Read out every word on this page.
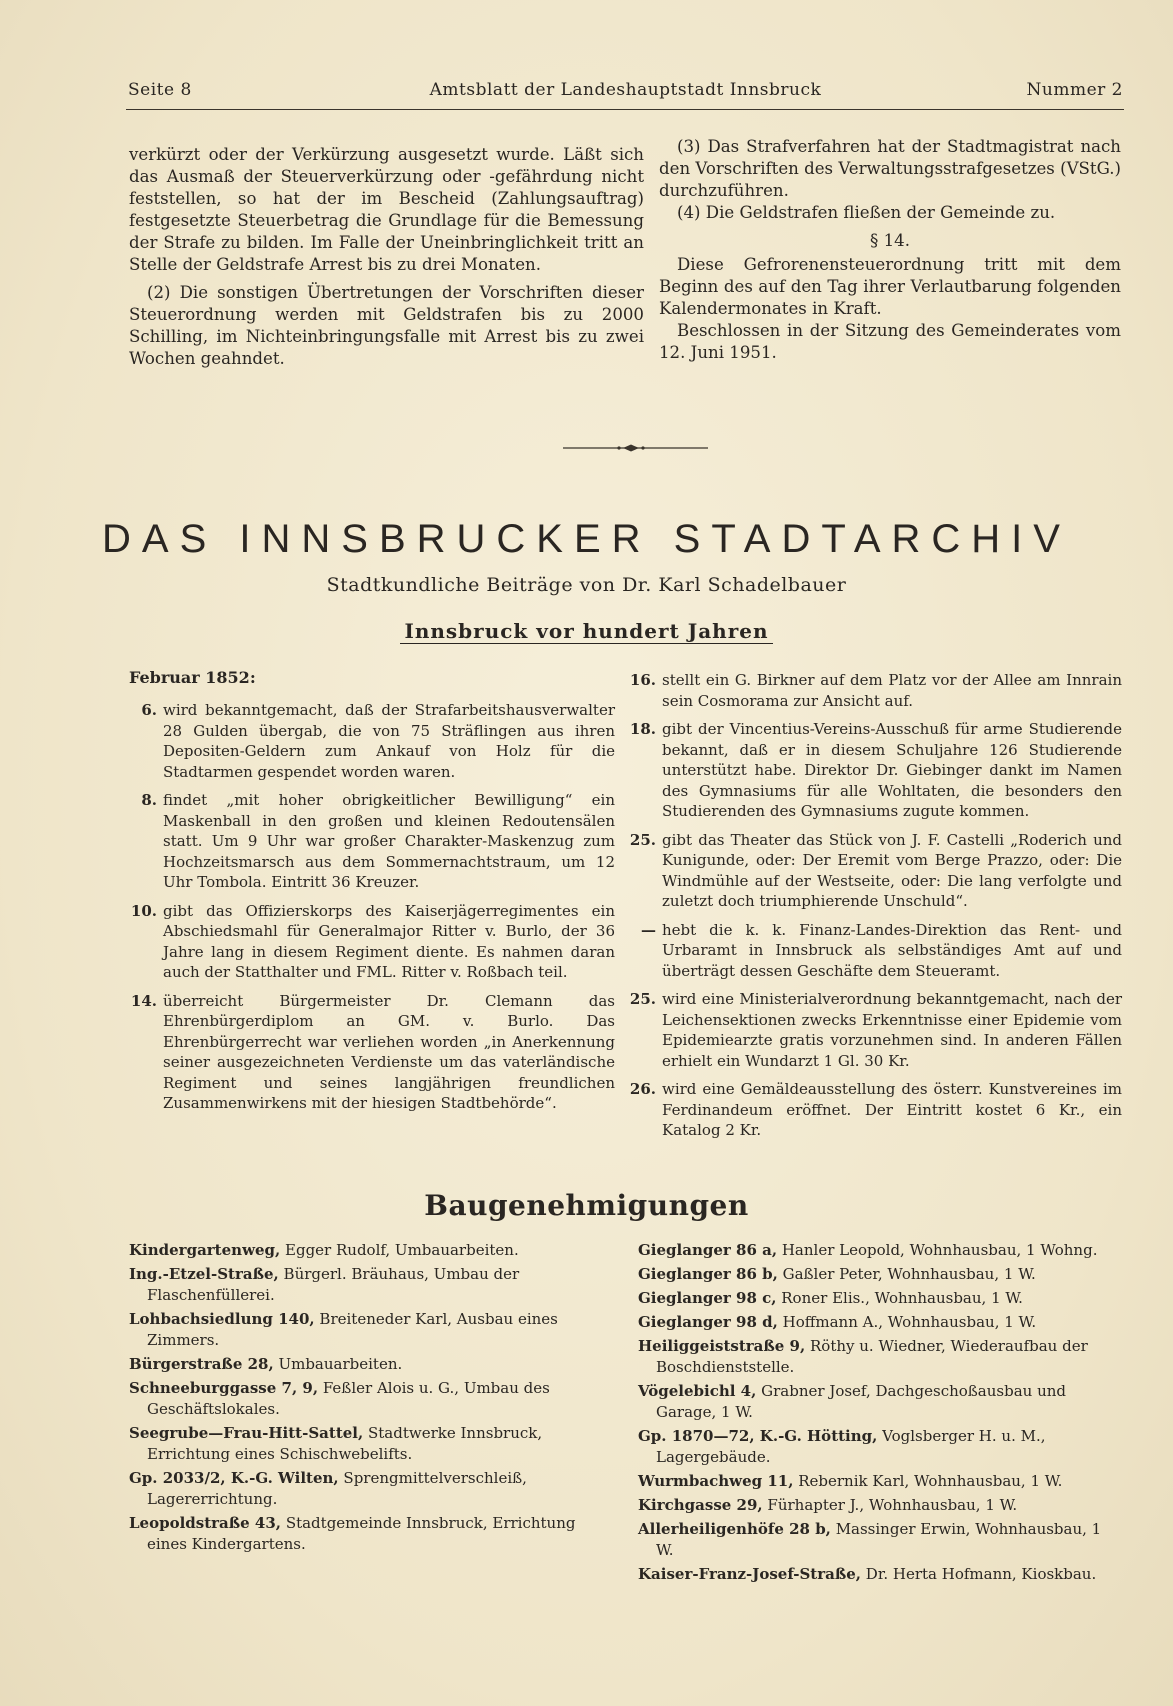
Seite 8	Amtsblatt der Landeshauptstadt Innsbruck	Nummer 2

verkürzt oder der Verkürzung ausgesetzt wurde. Läßt sich das Ausmaß der Steuerverkürzung oder -gefährdung nicht feststellen, so hat der im Bescheid (Zahlungsauftrag) festgesetzte Steuerbetrag die Grundlage für die Bemessung der Strafe zu bilden. Im Falle der Uneinbringlichkeit tritt an Stelle der Geldstrafe Arrest bis zu drei Monaten.

(2) Die sonstigen Übertretungen der Vorschriften dieser Steuerordnung werden mit Geldstrafen bis zu 2000 Schilling, im Nichteinbringungsfalle mit Arrest bis zu zwei Wochen geahndet.

(3) Das Strafverfahren hat der Stadtmagistrat nach den Vorschriften des Verwaltungsstrafgesetzes (VStG.) durchzuführen.

(4) Die Geldstrafen fließen der Gemeinde zu.

§ 14.

Diese Gefrorenensteuerordnung tritt mit dem Beginn des auf den Tag ihrer Verlautbarung folgenden Kalendermonates in Kraft.

Beschlossen in der Sitzung des Gemeinderates vom 12. Juni 1951.

DAS INNSBRUCKER STADTARCHIV
Stadtkundliche Beiträge von Dr. Karl Schadelbauer
Innsbruck vor hundert Jahren
Februar 1852:
6. wird bekanntgemacht, daß der Strafarbeitshausverwalter 28 Gulden übergab, die von 75 Sträflingen aus ihren Depositen-Geldern zum Ankauf von Holz für die Stadtarmen gespendet worden waren.
8. findet „mit hoher obrigkeitlicher Bewilligung“ ein Maskenball in den großen und kleinen Redoutensälen statt. Um 9 Uhr war großer Charakter-Maskenzug zum Hochzeitsmarsch aus dem Sommernachtstraum, um 12 Uhr Tombola. Eintritt 36 Kreuzer.
10. gibt das Offizierskorps des Kaiserjägerregimentes ein Abschiedsmahl für Generalmajor Ritter v. Burlo, der 36 Jahre lang in diesem Regiment diente. Es nahmen daran auch der Statthalter und FML. Ritter v. Roßbach teil.
14. überreicht Bürgermeister Dr. Clemann das Ehrenbürgerdiplom an GM. v. Burlo. Das Ehrenbürgerrecht war verliehen worden „in Anerkennung seiner ausgezeichneten Verdienste um das vaterländische Regiment und seines langjährigen freundlichen Zusammenwirkens mit der hiesigen Stadtbehörde“.
16. stellt ein G. Birkner auf dem Platz vor der Allee am Innrain sein Cosmorama zur Ansicht auf.
18. gibt der Vincentius-Vereins-Ausschuß für arme Studierende bekannt, daß er in diesem Schuljahre 126 Studierende unterstützt habe. Direktor Dr. Giebinger dankt im Namen des Gymnasiums für alle Wohltaten, die besonders den Studierenden des Gymnasiums zugute kommen.
25. gibt das Theater das Stück von J. F. Castelli „Roderich und Kunigunde, oder: Der Eremit vom Berge Prazzo, oder: Die Windmühle auf der Westseite, oder: Die lang verfolgte und zuletzt doch triumphierende Unschuld“.
— hebt die k. k. Finanz-Landes-Direktion das Rent- und Urbaramt in Innsbruck als selbständiges Amt auf und überträgt dessen Geschäfte dem Steueramt.
25. wird eine Ministerialverordnung bekanntgemacht, nach der Leichensektionen zwecks Erkenntnisse einer Epidemie vom Epidemiearzte gratis vorzunehmen sind. In anderen Fällen erhielt ein Wundarzt 1 Gl. 30 Kr.
26. wird eine Gemäldeausstellung des österr. Kunstvereines im Ferdinandeum eröffnet. Der Eintritt kostet 6 Kr., ein Katalog 2 Kr.
Baugenehmigungen
Kindergartenweg, Egger Rudolf, Umbauarbeiten.
Ing.-Etzel-Straße, Bürgerl. Bräuhaus, Umbau der Flaschenfüllerei.
Lohbachsiedlung 140, Breiteneder Karl, Ausbau eines Zimmers.
Bürgerstraße 28, Umbauarbeiten.
Schneeburggasse 7, 9, Feßler Alois u. G., Umbau des Geschäftslokales.
Seegrube—Frau-Hitt-Sattel, Stadtwerke Innsbruck, Errichtung eines Schischwebelifts.
Gp. 2033/2, K.-G. Wilten, Sprengmittelverschleiß, Lagererrichtung.
Leopoldstraße 43, Stadtgemeinde Innsbruck, Errichtung eines Kindergartens.
Gieglanger 86 a, Hanler Leopold, Wohnhausbau, 1 Wohng.
Gieglanger 86 b, Gaßler Peter, Wohnhausbau, 1 W.
Gieglanger 98 c, Roner Elis., Wohnhausbau, 1 W.
Gieglanger 98 d, Hoffmann A., Wohnhausbau, 1 W.
Heiliggeiststraße 9, Röthy u. Wiedner, Wiederaufbau der Boschdienststelle.
Vögelebichl 4, Grabner Josef, Dachgeschoßausbau und Garage, 1 W.
Gp. 1870—72, K.-G. Hötting, Voglsberger H. u. M., Lagergebäude.
Wurmbachweg 11, Rebernik Karl, Wohnhausbau, 1 W.
Kirchgasse 29, Fürhapter J., Wohnhausbau, 1 W.
Allerheiligenhöfe 28 b, Massinger Erwin, Wohnhausbau, 1 W.
Kaiser-Franz-Josef-Straße, Dr. Herta Hofmann, Kioskbau.
